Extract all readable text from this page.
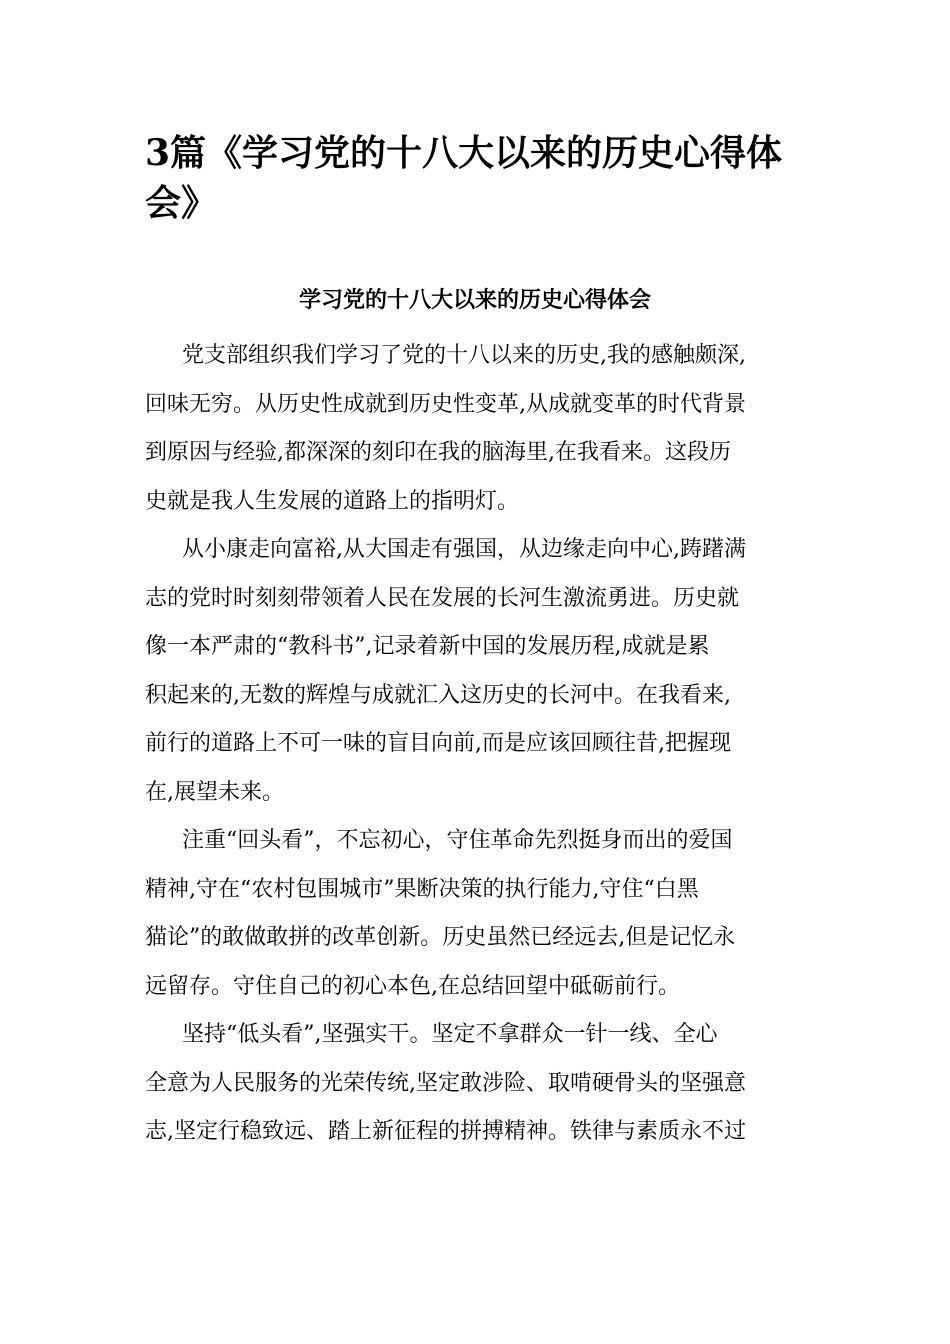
3篇《学习党的十八大以来的历史心得体
会》
学习党的十八大以来的历史心得体会

党支部组织我们学习了党的十八以来的历史,我的感触颇深,
回味无穷。从历史性成就到历史性变革,从成就变革的时代背景
到原因与经验,都深深的刻印在我的脑海里,在我看来。这段历
史就是我人生发展的道路上的指明灯。

从小康走向富裕,从大国走有强国，从边缘走向中心,踌躇满
志的党时时刻刻带领着人民在发展的长河生激流勇进。历史就
像一本严肃的“教科书”,记录着新中国的发展历程,成就是累
积起来的,无数的辉煌与成就汇入这历史的长河中。在我看来,
前行的道路上不可一味的盲目向前,而是应该回顾往昔,把握现
在,展望未来。

注重“回头看”，不忘初心，守住革命先烈挺身而出的爱国
精神,守在“农村包围城市”果断决策的执行能力,守住“白黑
猫论”的敢做敢拼的改革创新。历史虽然已经远去,但是记忆永
远留存。守住自己的初心本色,在总结回望中砥砺前行。

坚持“低头看”,坚强实干。坚定不拿群众一针一线、全心
全意为人民服务的光荣传统,坚定敢涉险、取啃硬骨头的坚强意
志,坚定行稳致远、踏上新征程的拼搏精神。铁律与素质永不过
